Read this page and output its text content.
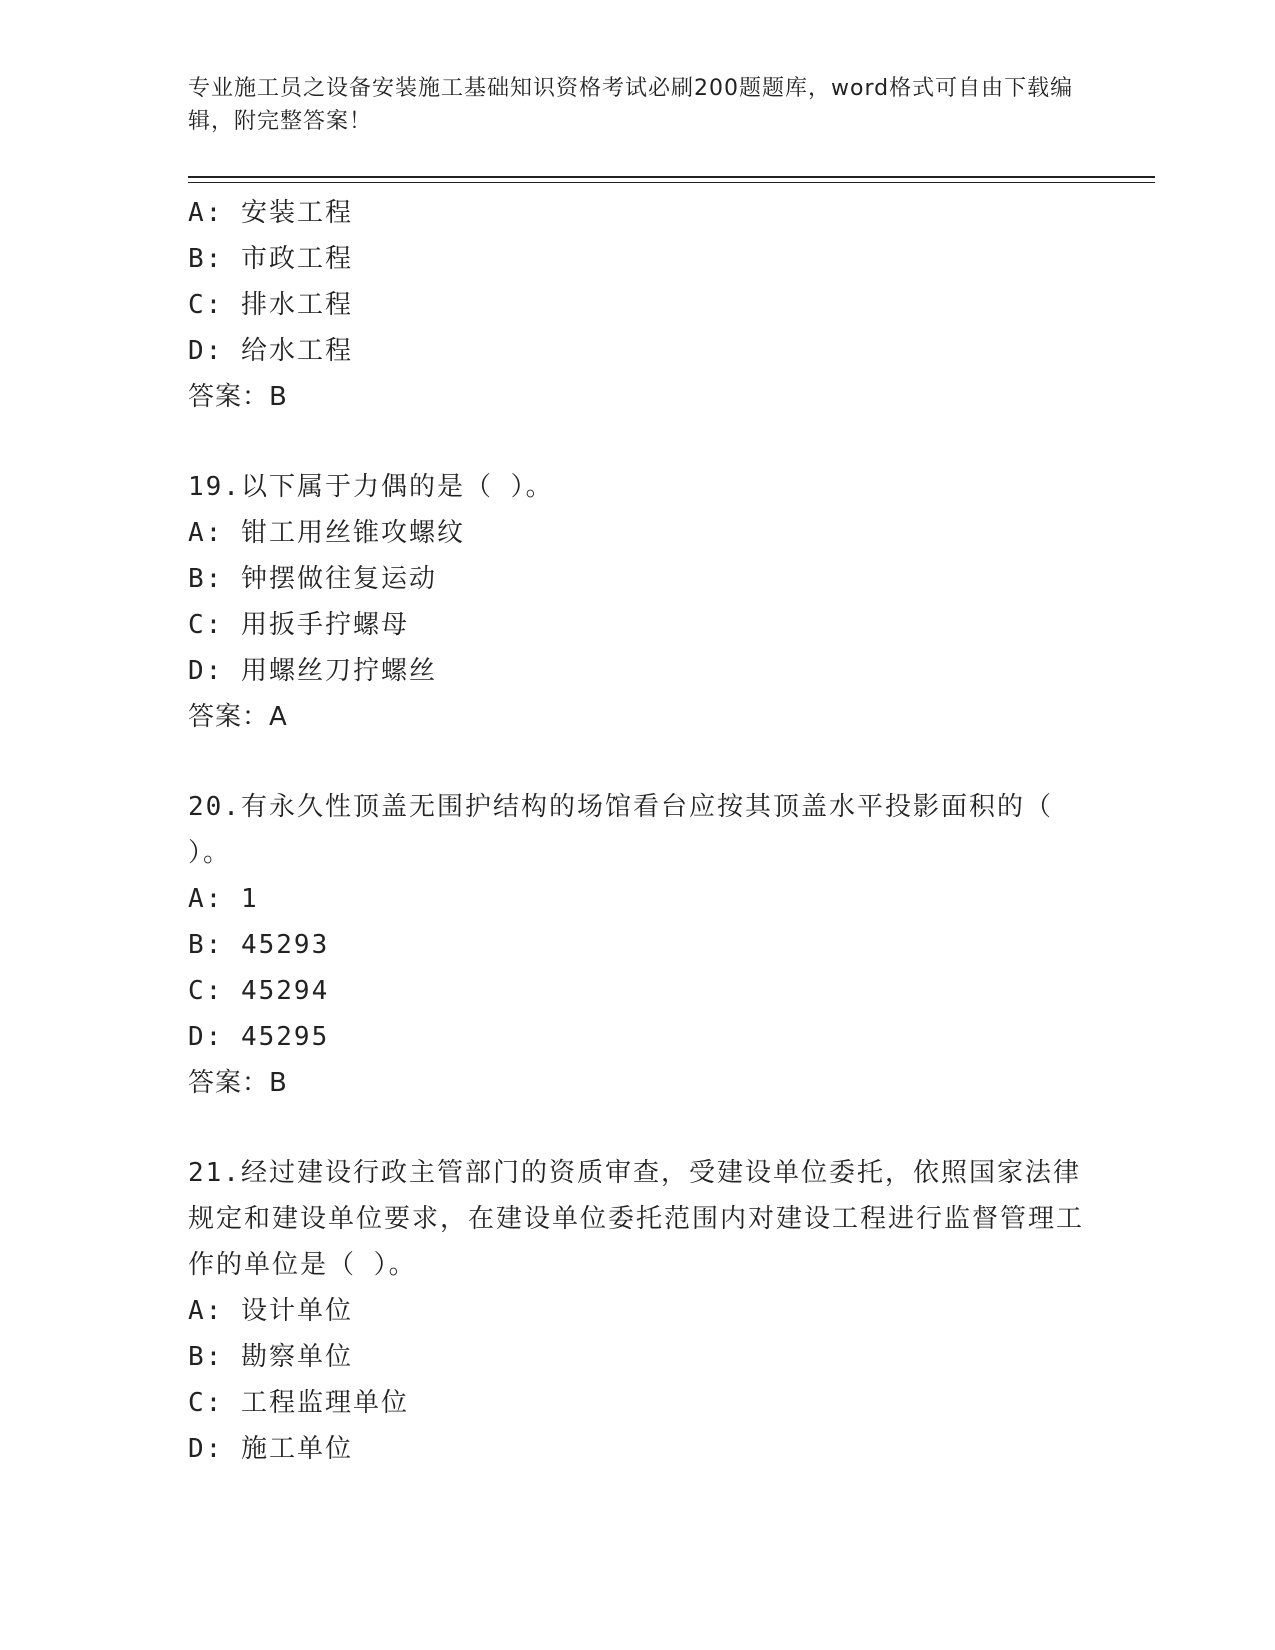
专业施工员之设备安装施工基础知识资格考试必刷200题题库，word格式可自由下载编辑，附完整答案！
A: 安装工程
B: 市政工程
C: 排水工程
D: 给水工程
答案：B
19.以下属于力偶的是（ ）。
A: 钳工用丝锥攻螺纹
B: 钟摆做往复运动
C: 用扳手拧螺母
D: 用螺丝刀拧螺丝
答案：A
20.有永久性顶盖无围护结构的场馆看台应按其顶盖水平投影面积的（ ）。
A: 1
B: 45293
C: 45294
D: 45295
答案：B
21.经过建设行政主管部门的资质审查，受建设单位委托，依照国家法律规定和建设单位要求，在建设单位委托范围内对建设工程进行监督管理工作的单位是（ ）。
A: 设计单位
B: 勘察单位
C: 工程监理单位
D: 施工单位
